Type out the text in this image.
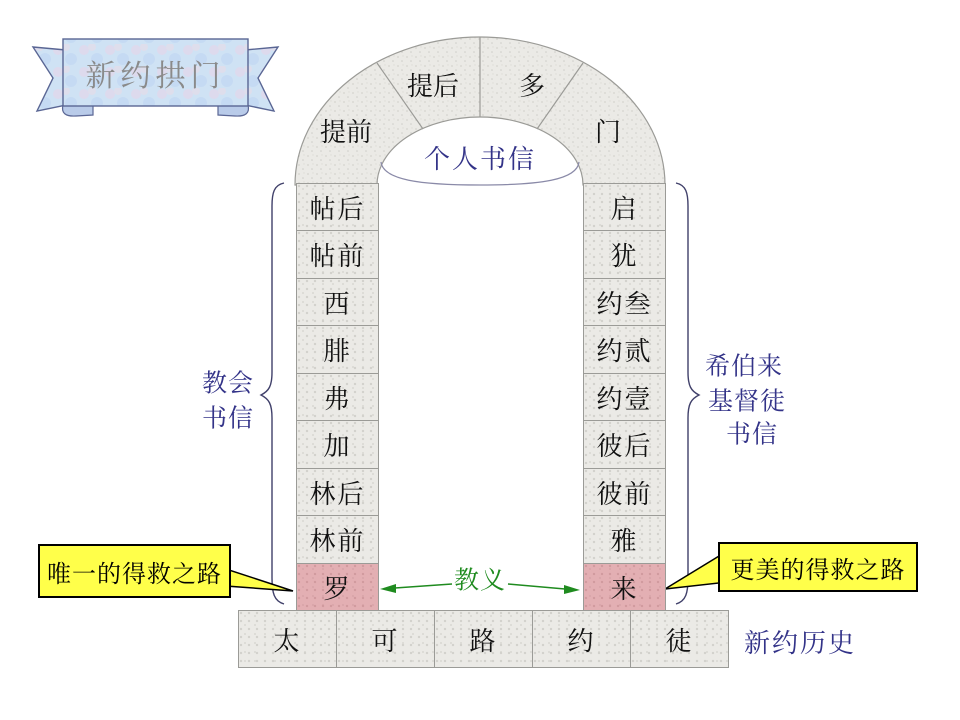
新约拱门
提前
提后 多
门
个人书信
帖后
帖前
西
腓
弗
加
林后
林前
罗
启
犹
约叁
约贰
约壹
彼后
彼前
雅
来
太	可	路	约	徒
教会
书信
希伯来
基督徒
书信
教义
唯一的得救之路	更美的得救之路
新约历史
